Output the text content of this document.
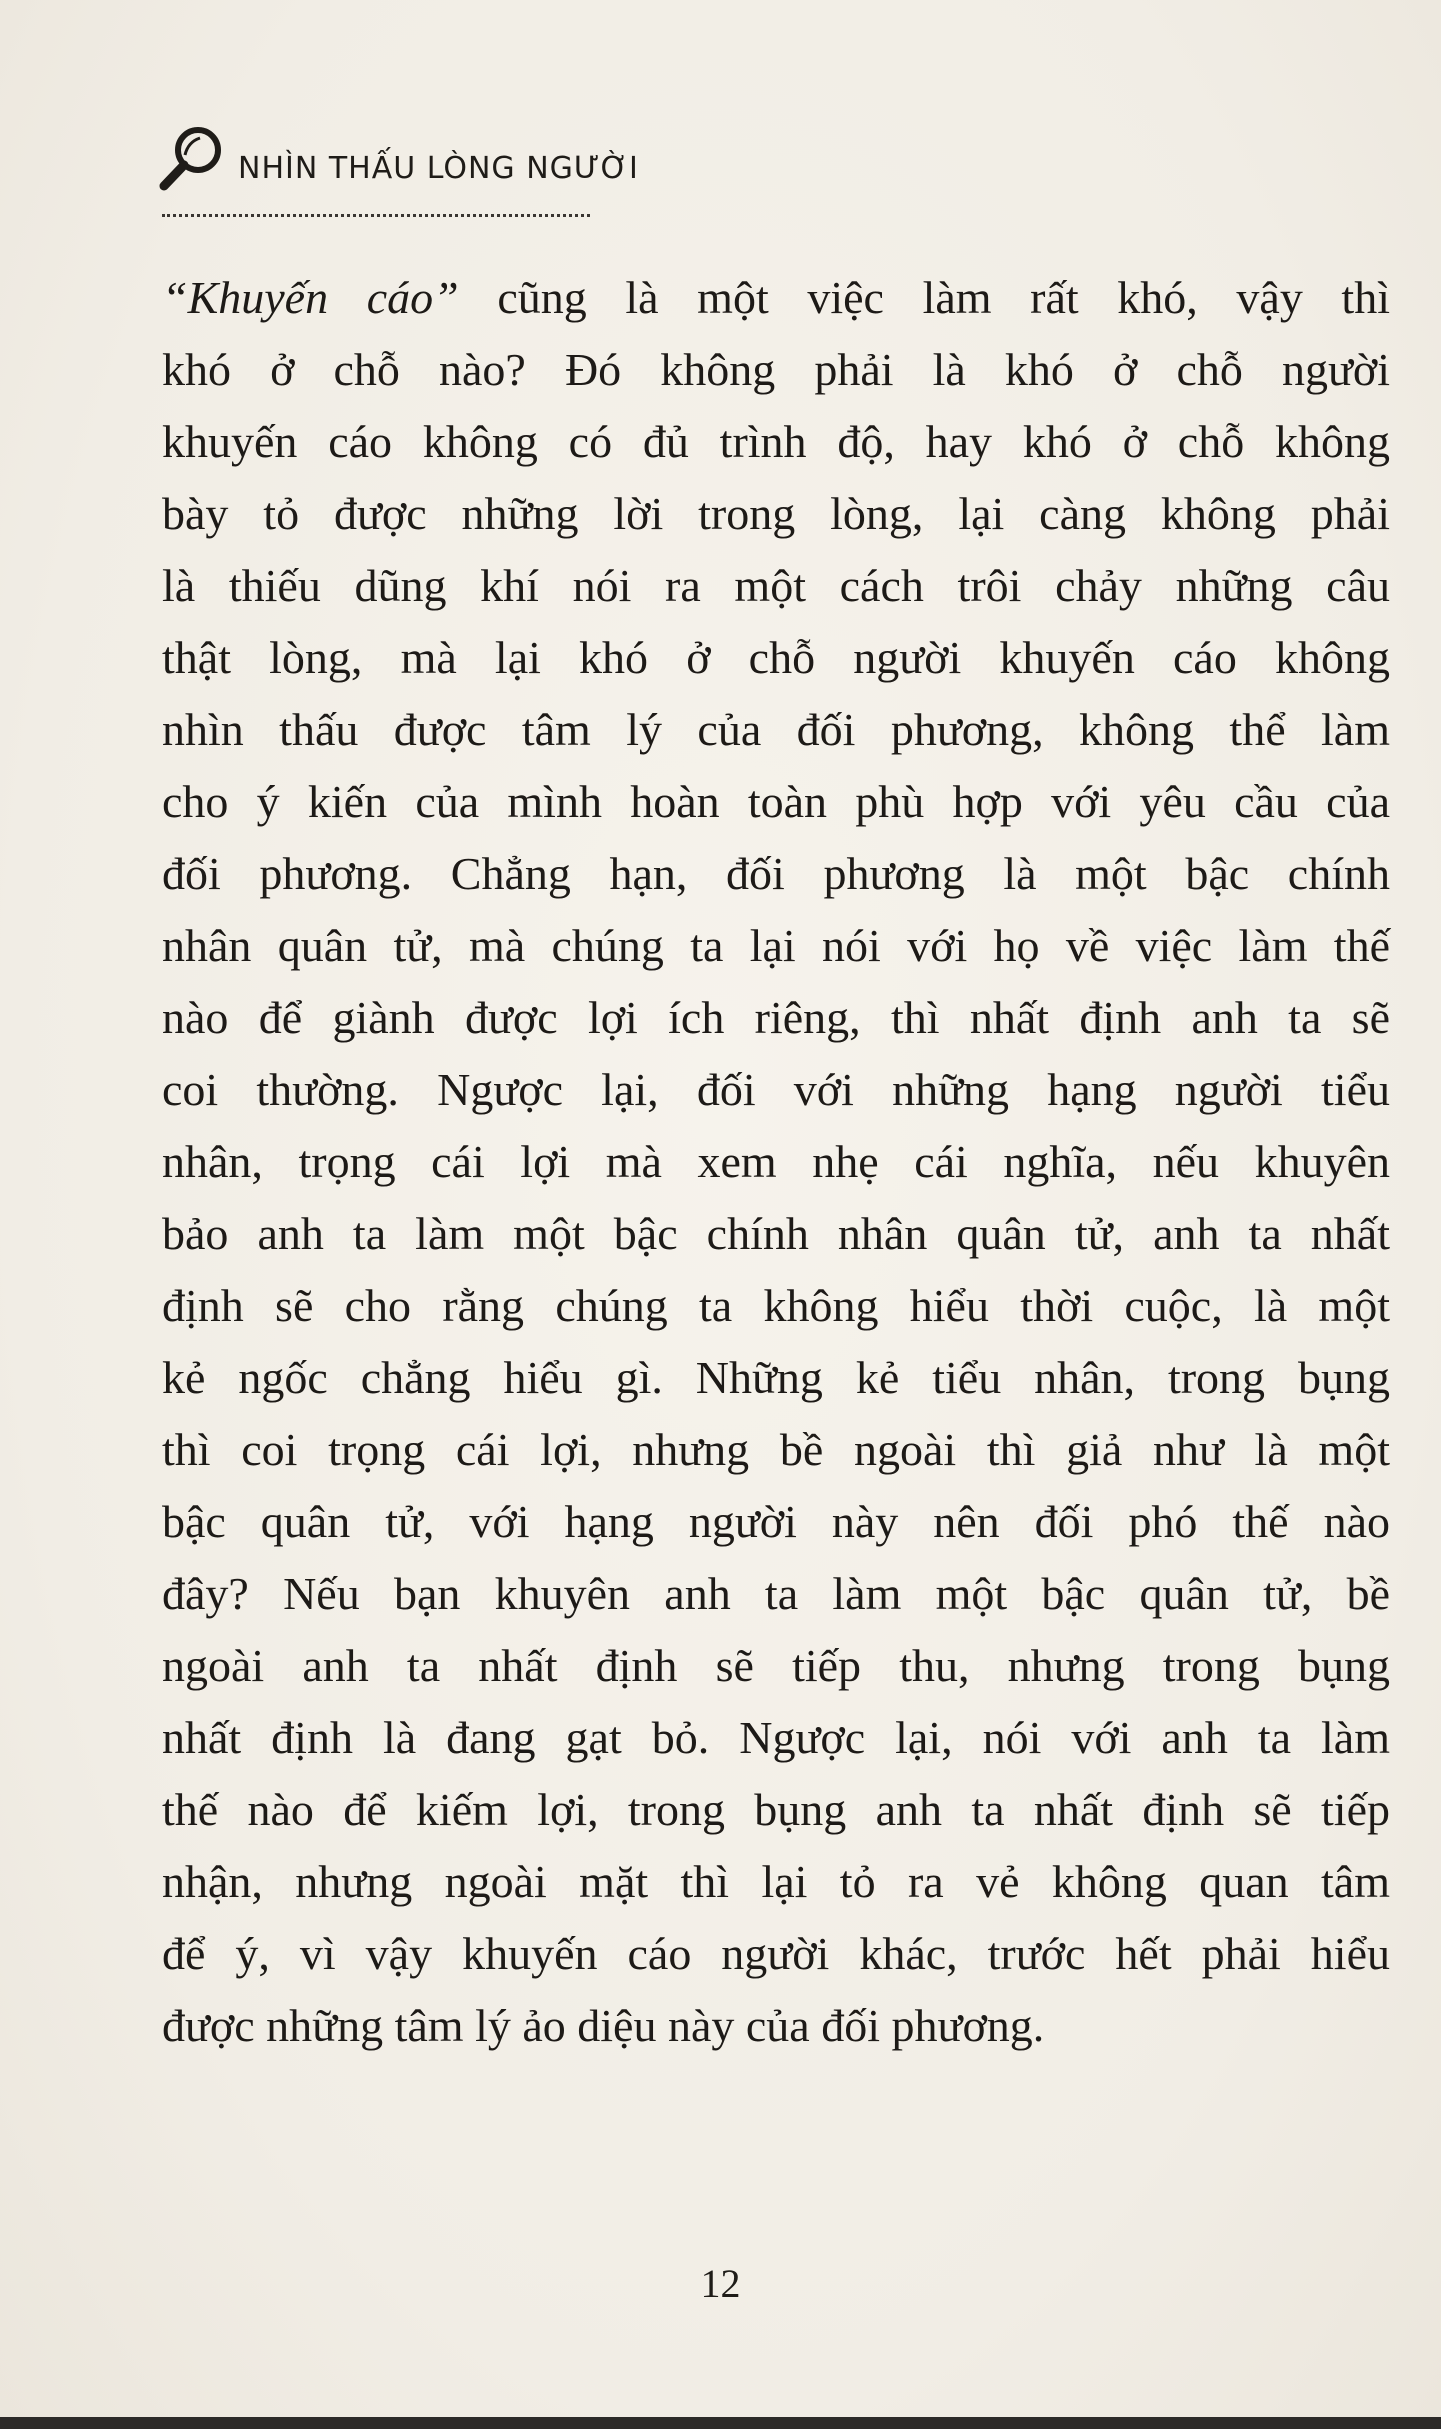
NHÌN THẤU LÒNG NGƯỜI
“Khuyến cáo” cũng là một việc làm rất khó, vậy thì
khó ở chỗ nào? Đó không phải là khó ở chỗ người
khuyến cáo không có đủ trình độ, hay khó ở chỗ không
bày tỏ được những lời trong lòng, lại càng không phải
là thiếu dũng khí nói ra một cách trôi chảy những câu
thật lòng, mà lại khó ở chỗ người khuyến cáo không
nhìn thấu được tâm lý của đối phương, không thể làm
cho ý kiến của mình hoàn toàn phù hợp với yêu cầu của
đối phương. Chẳng hạn, đối phương là một bậc chính
nhân quân tử, mà chúng ta lại nói với họ về việc làm thế
nào để giành được lợi ích riêng, thì nhất định anh ta sẽ
coi thường. Ngược lại, đối với những hạng người tiểu
nhân, trọng cái lợi mà xem nhẹ cái nghĩa, nếu khuyên
bảo anh ta làm một bậc chính nhân quân tử, anh ta nhất
định sẽ cho rằng chúng ta không hiểu thời cuộc, là một
kẻ ngốc chẳng hiểu gì. Những kẻ tiểu nhân, trong bụng
thì coi trọng cái lợi, nhưng bề ngoài thì giả như là một
bậc quân tử, với hạng người này nên đối phó thế nào
đây? Nếu bạn khuyên anh ta làm một bậc quân tử, bề
ngoài anh ta nhất định sẽ tiếp thu, nhưng trong bụng
nhất định là đang gạt bỏ. Ngược lại, nói với anh ta làm
thế nào để kiếm lợi, trong bụng anh ta nhất định sẽ tiếp
nhận, nhưng ngoài mặt thì lại tỏ ra vẻ không quan tâm
để ý, vì vậy khuyến cáo người khác, trước hết phải hiểu
được những tâm lý ảo diệu này của đối phương.
12
